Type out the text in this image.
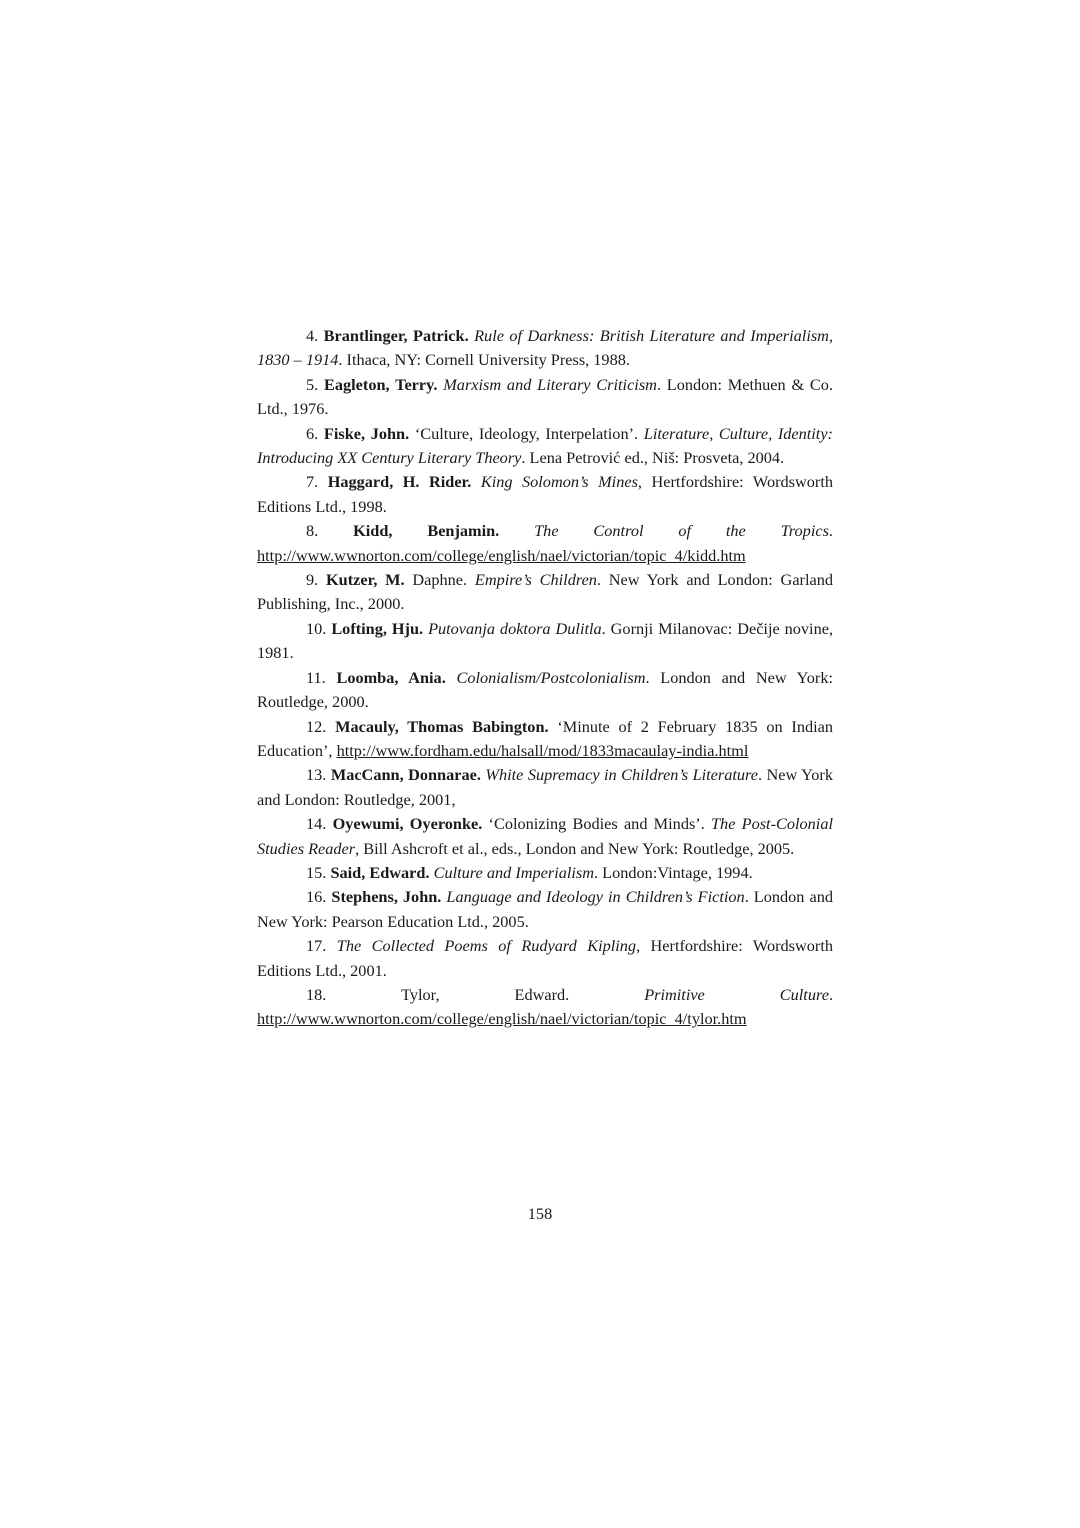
4. Brantlinger, Patrick. Rule of Darkness: British Literature and Imperialism, 1830 – 1914. Ithaca, NY: Cornell University Press, 1988.

5. Eagleton, Terry. Marxism and Literary Criticism. London: Methuen & Co. Ltd., 1976.

6. Fiske, John. ‘Culture, Ideology, Interpelation’. Literature, Culture, Identity: Introducing XX Century Literary Theory. Lena Petrović ed., Niš: Prosveta, 2004.

7. Haggard, H. Rider. King Solomon’s Mines, Hertfordshire: Wordsworth Editions Ltd., 1998.

8. Kidd, Benjamin. The Control of the Tropics. http://www.wwnorton.com/college/english/nael/victorian/topic_4/kidd.htm

9. Kutzer, M. Daphne. Empire’s Children. New York and London: Garland Publishing, Inc., 2000.

10. Lofting, Hju. Putovanja doktora Dulitla. Gornji Milanovac: Dečije novine, 1981.

11. Loomba, Ania. Colonialism/Postcolonialism. London and New York: Routledge, 2000.

12. Macauly, Thomas Babington. ‘Minute of 2 February 1835 on Indian Education’, http://www.fordham.edu/halsall/mod/1833macaulay-india.html

13. MacCann, Donnarae. White Supremacy in Children’s Literature. New York and London: Routledge, 2001,

14. Oyewumi, Oyeronke. ‘Colonizing Bodies and Minds’. The Post-Colonial Studies Reader, Bill Ashcroft et al., eds., London and New York: Routledge, 2005.

15. Said, Edward. Culture and Imperialism. London:Vintage, 1994.

16. Stephens, John. Language and Ideology in Children’s Fiction. London and New York: Pearson Education Ltd., 2005.

17. The Collected Poems of Rudyard Kipling, Hertfordshire: Wordsworth Editions Ltd., 2001.

18.	Tylor, Edward. Primitive Culture. http://www.wwnorton.com/college/english/nael/victorian/topic_4/tylor.htm

158
